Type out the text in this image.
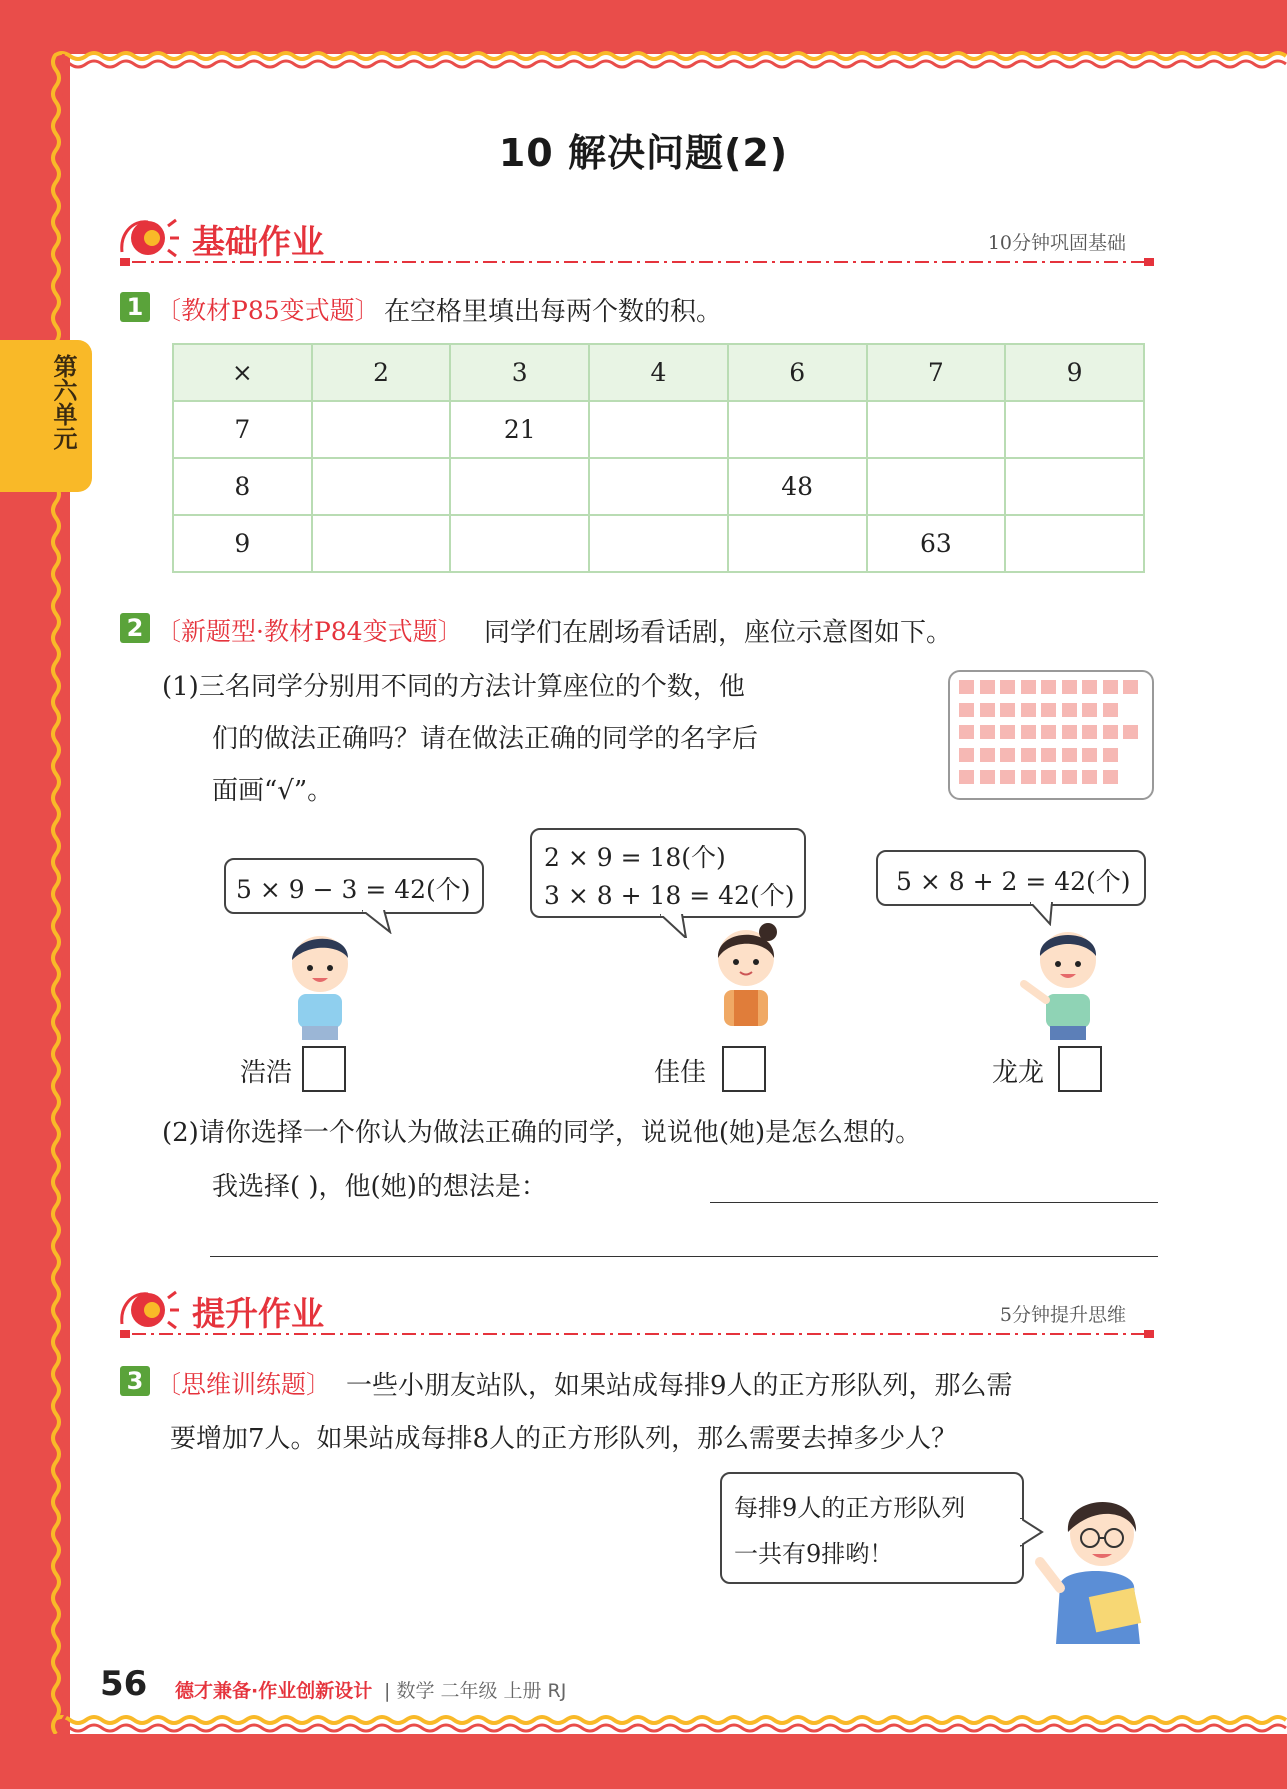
第六单元
10 解决问题(2)
基础作业	10分钟巩固基础
1 〔教材P85变式题〕 在空格里填出每两个数的积。
×	2	3	4	6	7	9
7		21				
8				48		
9					63	
2 〔新题型·教材P84变式题〕 同学们在剧场看话剧，座位示意图如下。
(1)三名同学分别用不同的方法计算座位的个数，他
们的做法正确吗？请在做法正确的同学的名字后
面画“√”。
5 × 9 − 3 = 42(个)
2 × 9 = 18(个)
3 × 8 + 18 = 42(个)	5 × 8 + 2 = 42(个)
浩浩	佳佳	龙龙
(2)请你选择一个你认为做法正确的同学，说说他(她)是怎么想的。
我选择( )，他(她)的想法是：
提升作业	5分钟提升思维
3 〔思维训练题〕 一些小朋友站队，如果站成每排9人的正方形队列，那么需
要增加7人。如果站成每排8人的正方形队列，那么需要去掉多少人？
每排9人的正方形队列
一共有9排哟！
56 德才兼备·作业创新设计 | 数学 二年级 上册 RJ
